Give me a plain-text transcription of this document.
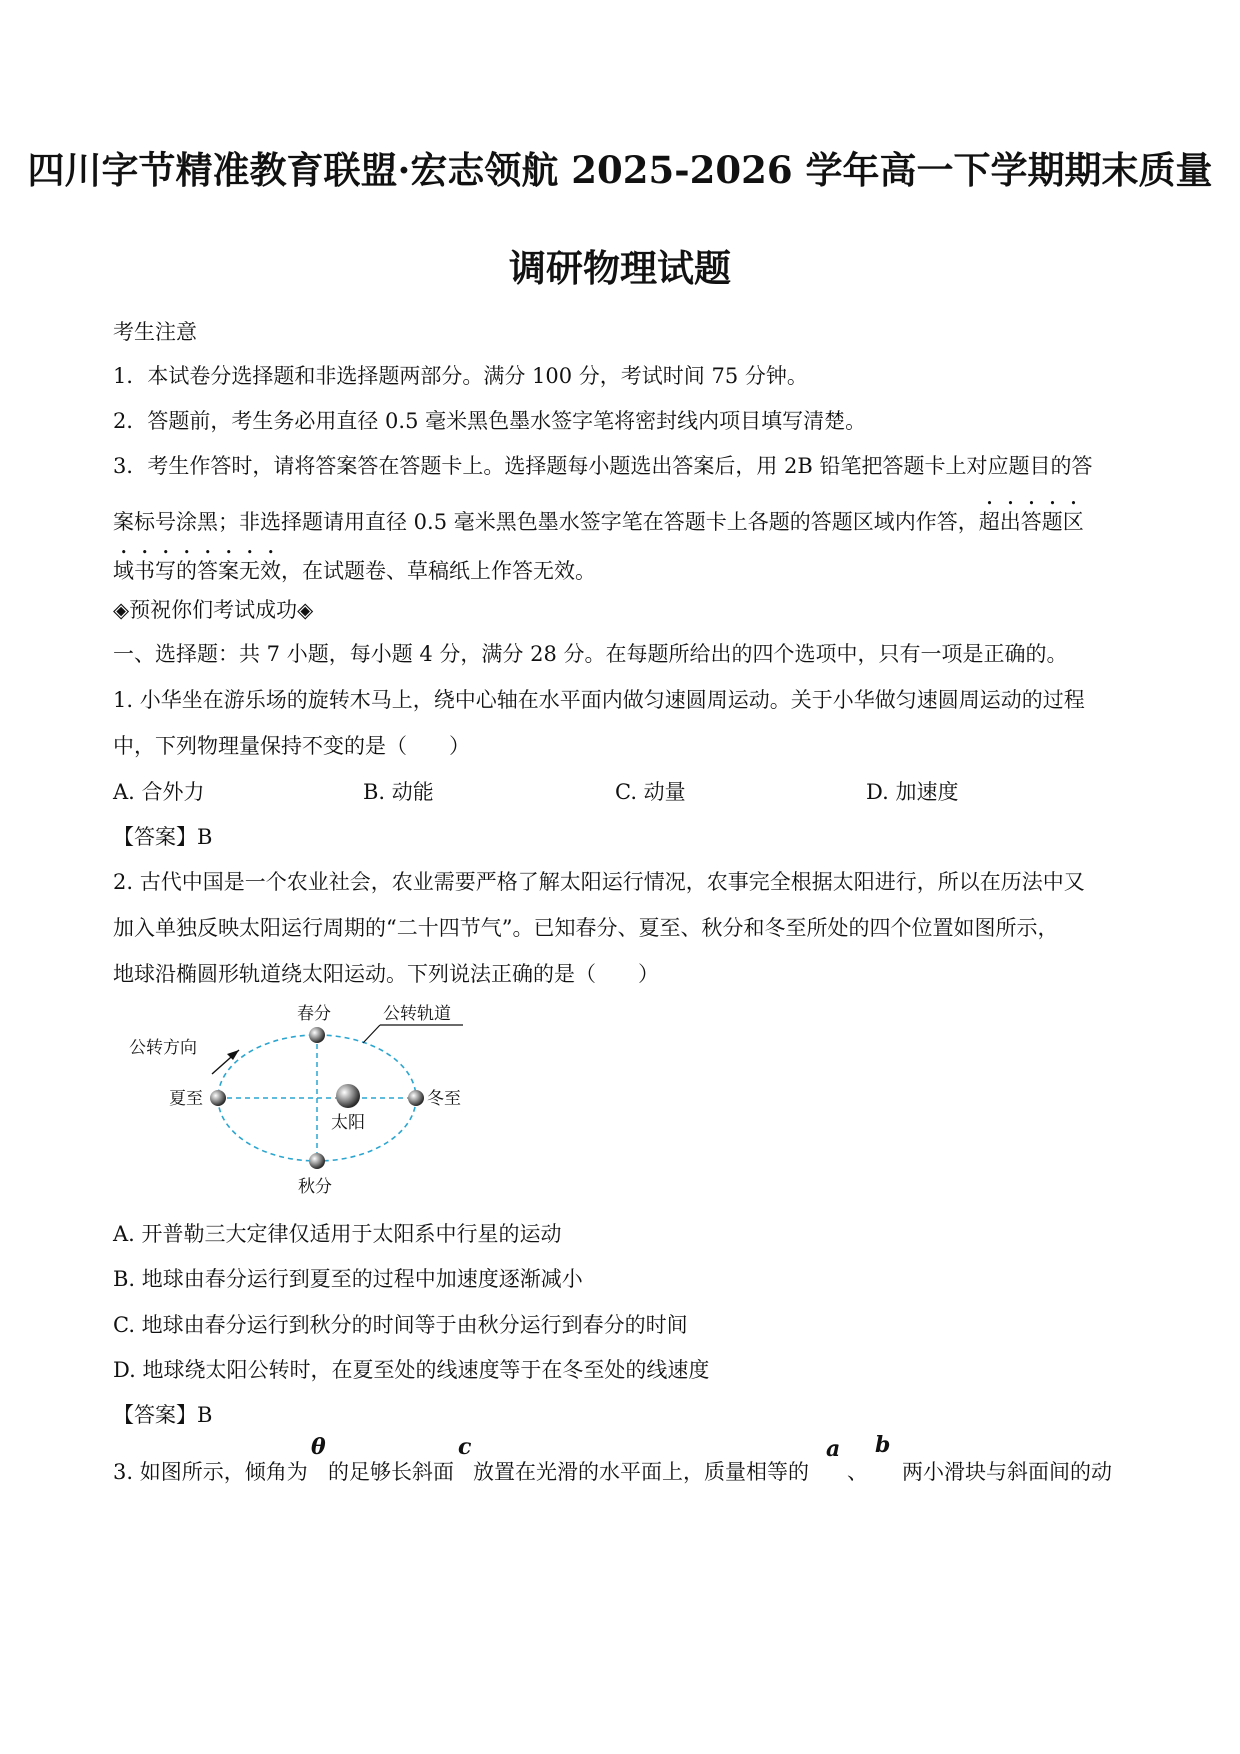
四川字节精准教育联盟·宏志领航 2025-2026 学年高一下学期期末质量
调研物理试题
考生注意
1．本试卷分选择题和非选择题两部分。满分 100 分，考试时间 75 分钟。
2．答题前，考生务必用直径 0.5 毫米黑色墨水签字笔将密封线内项目填写清楚。
3．考生作答时，请将答案答在答题卡上。选择题每小题选出答案后，用 2B 铅笔把答题卡上对应题目的答
案标号涂黑；非选择题请用直径 0.5 毫米黑色墨水签字笔在答题卡上各题的答题区域内作答，超出答题区
域书写的答案无效，在试题卷、草稿纸上作答无效。
◈预祝你们考试成功◈
一、选择题：共 7 小题，每小题 4 分，满分 28 分。在每题所给出的四个选项中，只有一项是正确的。
1. 小华坐在游乐场的旋转木马上，绕中心轴在水平面内做匀速圆周运动。关于小华做匀速圆周运动的过程
中，下列物理量保持不变的是（　　）
A. 合外力	B. 动能	C. 动量	D. 加速度
【答案】B
2. 古代中国是一个农业社会，农业需要严格了解太阳运行情况，农事完全根据太阳进行，所以在历法中又
加入单独反映太阳运行周期的“二十四节气”。已知春分、夏至、秋分和冬至所处的四个位置如图所示，
地球沿椭圆形轨道绕太阳运动。下列说法正确的是（　　）
春分	公转轨道
公转方向
夏至
太阳
冬至
秋分
A. 开普勒三大定律仅适用于太阳系中行星的运动
B. 地球由春分运行到夏至的过程中加速度逐渐减小
C. 地球由春分运行到秋分的时间等于由秋分运行到春分的时间
D. 地球绕太阳公转时，在夏至处的线速度等于在冬至处的线速度
【答案】B
3. 如图所示，倾角为
θ
的足够长斜面
c
放置在光滑的水平面上，质量相等的
a
、
b
两小滑块与斜面间的动
